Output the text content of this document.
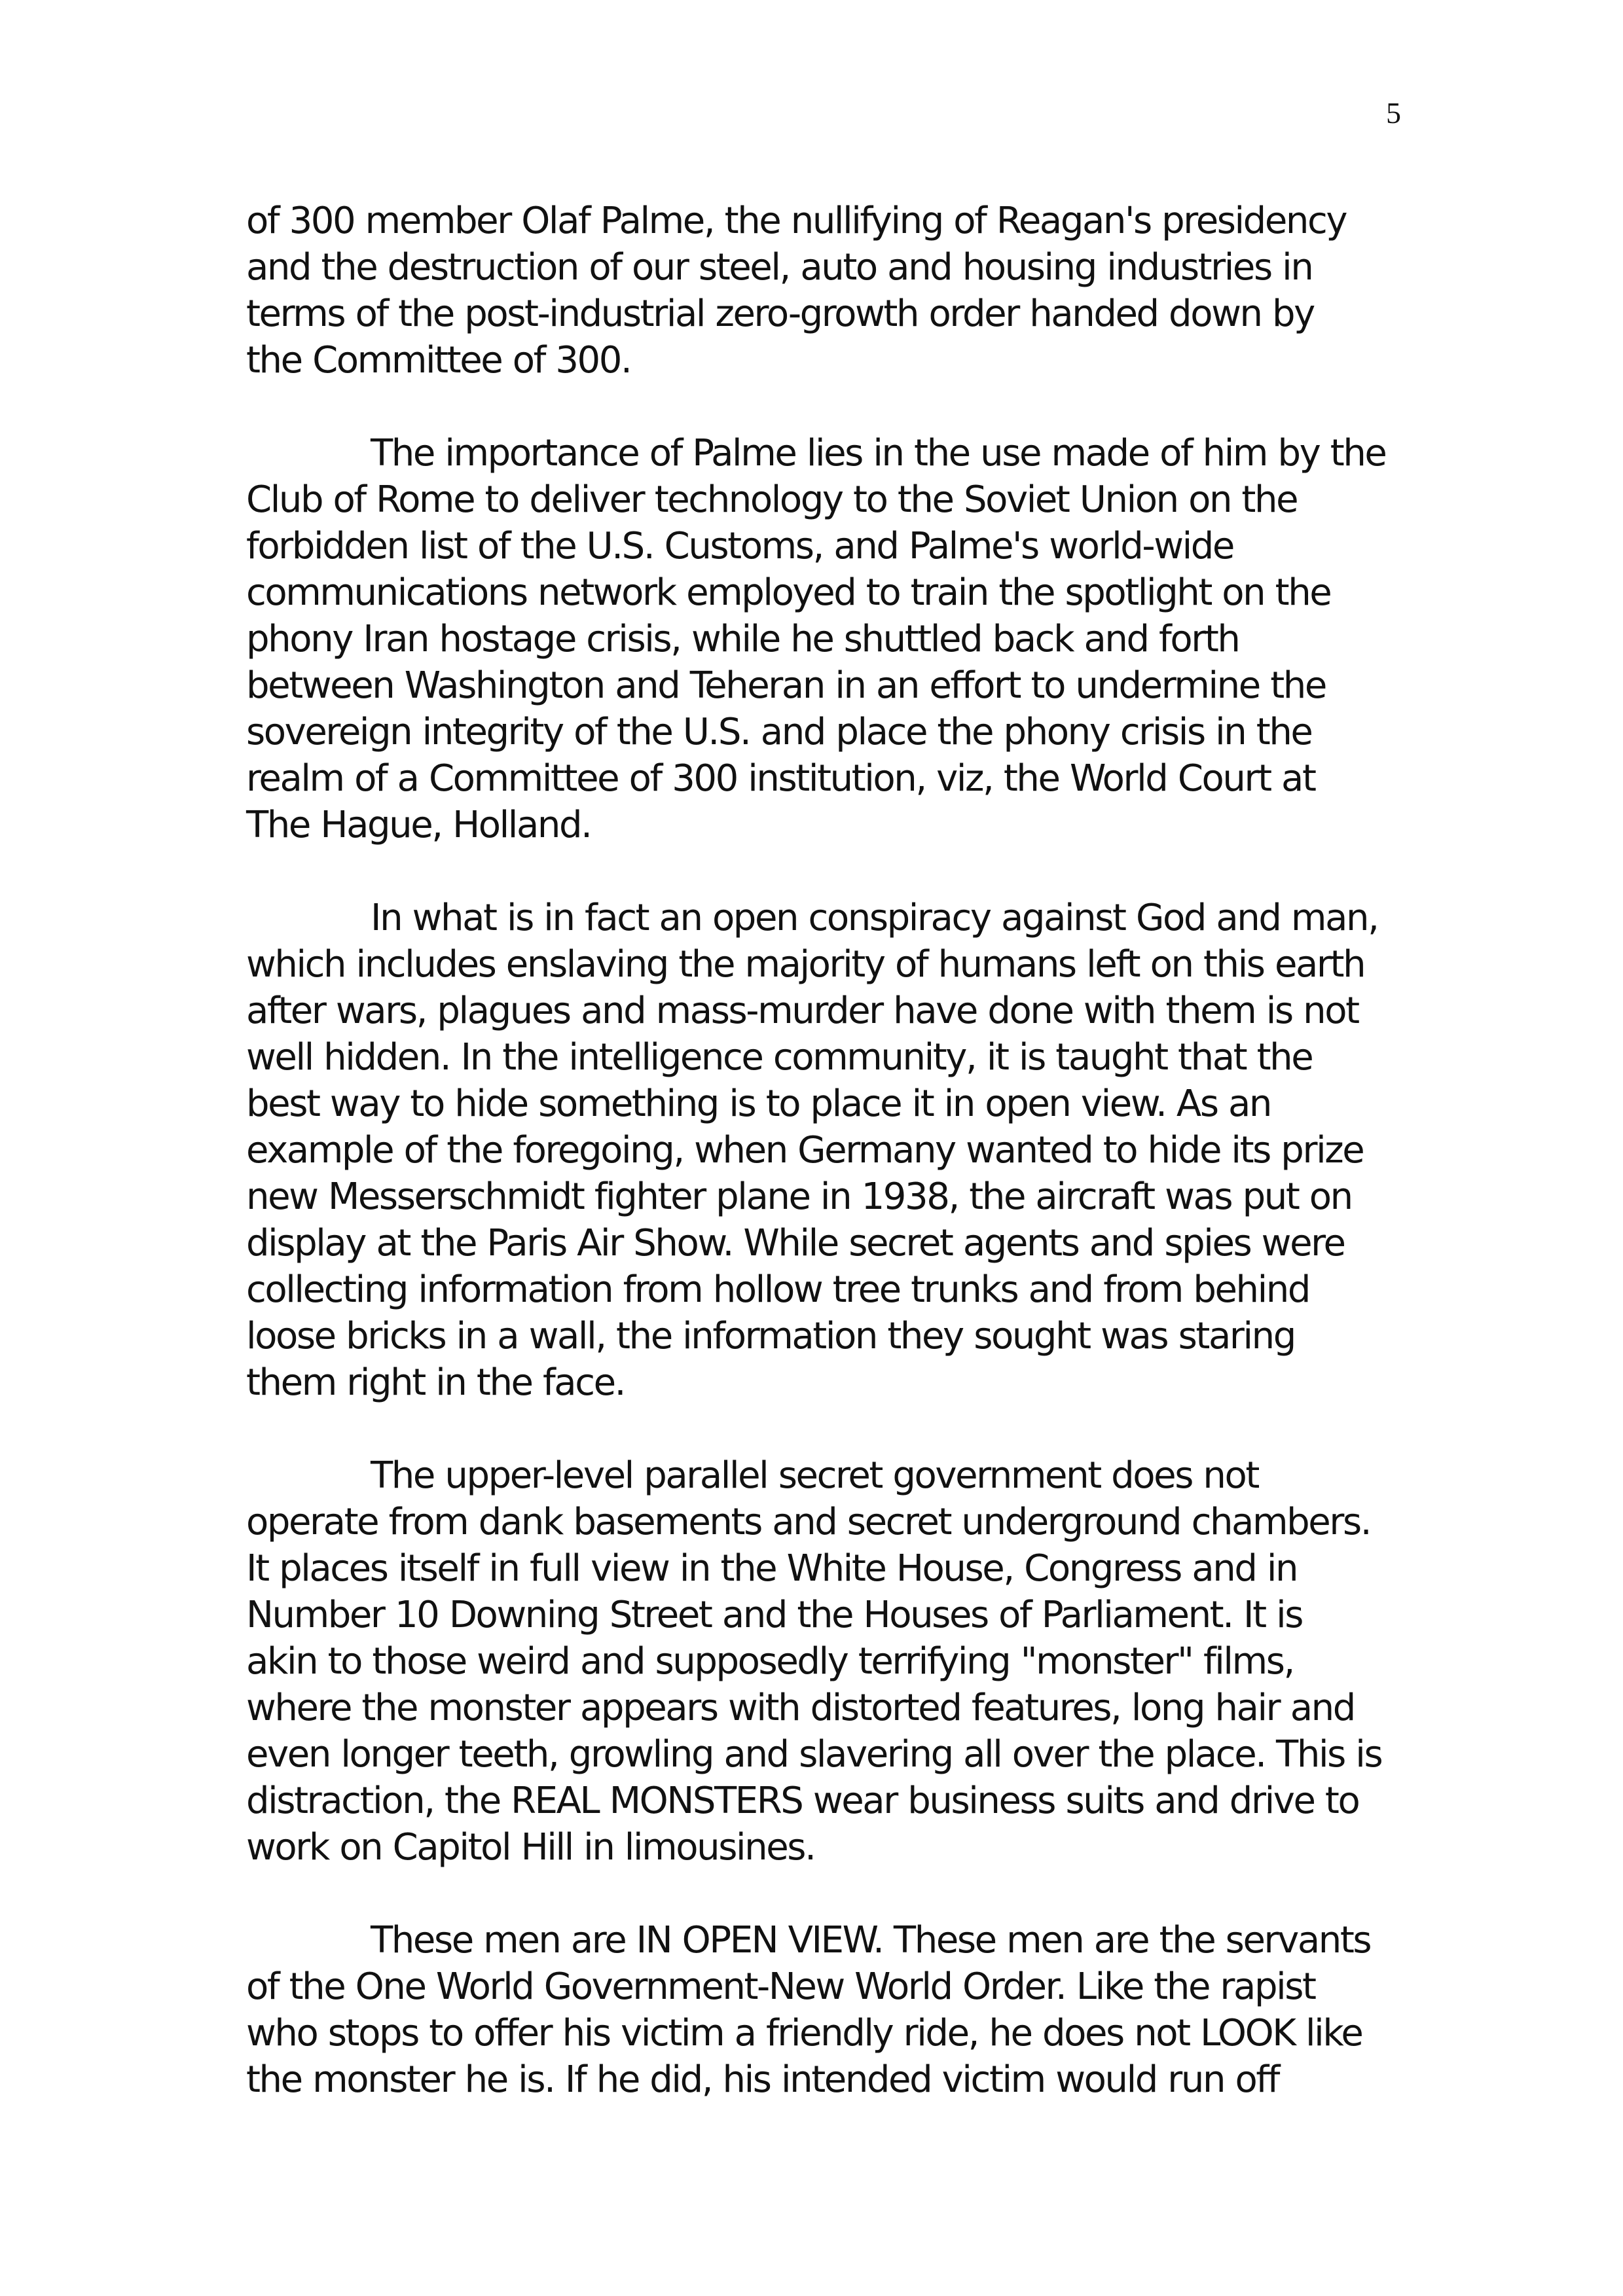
5
of 300 member Olaf Palme, the nullifying of Reagan's presidency
and the destruction of our steel, auto and housing industries in
terms of the post-industrial zero-growth order handed down by
the Committee of 300.
The importance of Palme lies in the use made of him by the
Club of Rome to deliver technology to the Soviet Union on the
forbidden list of the U.S. Customs, and Palme's world-wide
communications network employed to train the spotlight on the
phony Iran hostage crisis, while he shuttled back and forth
between Washington and Teheran in an effort to undermine the
sovereign integrity of the U.S. and place the phony crisis in the
realm of a Committee of 300 institution, viz, the World Court at
The Hague, Holland.
In what is in fact an open conspiracy against God and man,
which includes enslaving the majority of humans left on this earth
after wars, plagues and mass-murder have done with them is not
well hidden. In the intelligence community, it is taught that the
best way to hide something is to place it in open view. As an
example of the foregoing, when Germany wanted to hide its prize
new Messerschmidt fighter plane in 1938, the aircraft was put on
display at the Paris Air Show. While secret agents and spies were
collecting information from hollow tree trunks and from behind
loose bricks in a wall, the information they sought was staring
them right in the face.
The upper-level parallel secret government does not
operate from dank basements and secret underground chambers.
It places itself in full view in the White House, Congress and in
Number 10 Downing Street and the Houses of Parliament. It is
akin to those weird and supposedly terrifying "monster" films,
where the monster appears with distorted features, long hair and
even longer teeth, growling and slavering all over the place. This is
distraction, the REAL MONSTERS wear business suits and drive to
work on Capitol Hill in limousines.
These men are IN OPEN VIEW. These men are the servants
of the One World Government-New World Order. Like the rapist
who stops to offer his victim a friendly ride, he does not LOOK like
the monster he is. If he did, his intended victim would run off
